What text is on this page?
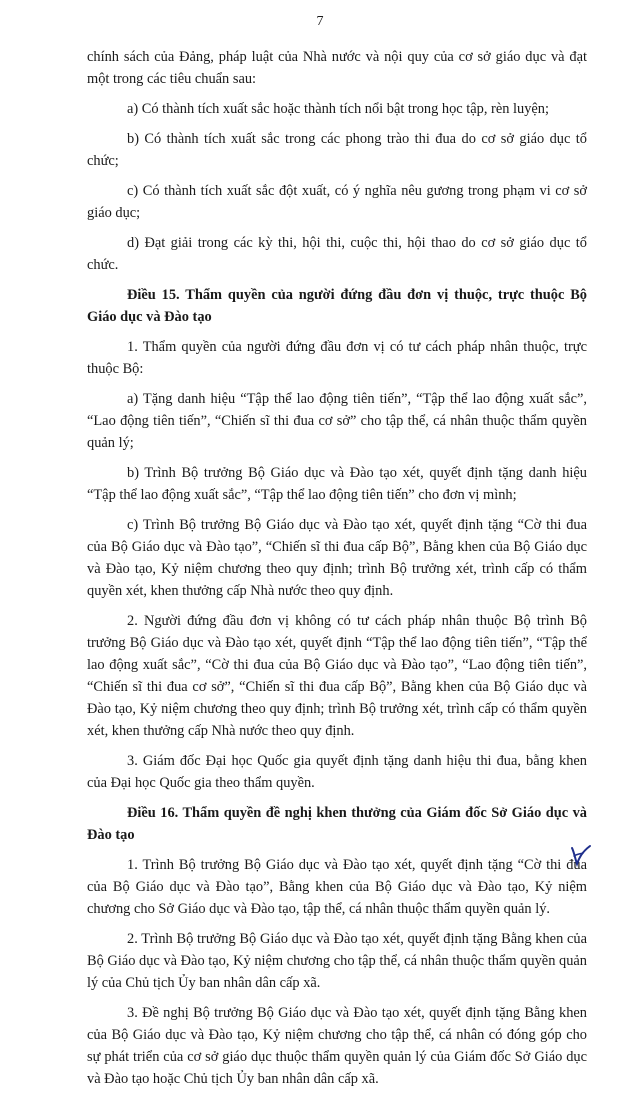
7

chính sách của Đảng, pháp luật của Nhà nước và nội quy của cơ sở giáo dục và đạt một trong các tiêu chuẩn sau:

a) Có thành tích xuất sắc hoặc thành tích nổi bật trong học tập, rèn luyện;

b) Có thành tích xuất sắc trong các phong trào thi đua do cơ sở giáo dục tổ chức;

c) Có thành tích xuất sắc đột xuất, có ý nghĩa nêu gương trong phạm vi cơ sở giáo dục;

d) Đạt giải trong các kỳ thi, hội thi, cuộc thi, hội thao do cơ sở giáo dục tổ chức.

Điều 15. Thẩm quyền của người đứng đầu đơn vị thuộc, trực thuộc Bộ Giáo dục và Đào tạo

1. Thẩm quyền của người đứng đầu đơn vị có tư cách pháp nhân thuộc, trực thuộc Bộ:

a) Tặng danh hiệu “Tập thể lao động tiên tiến”, “Tập thể lao động xuất sắc”, “Lao động tiên tiến”, “Chiến sĩ thi đua cơ sở” cho tập thể, cá nhân thuộc thẩm quyền quản lý;

b) Trình Bộ trưởng Bộ Giáo dục và Đào tạo xét, quyết định tặng danh hiệu “Tập thể lao động xuất sắc”, “Tập thể lao động tiên tiến” cho đơn vị mình;

c) Trình Bộ trưởng Bộ Giáo dục và Đào tạo xét, quyết định tặng “Cờ thi đua của Bộ Giáo dục và Đào tạo”, “Chiến sĩ thi đua cấp Bộ”, Bằng khen của Bộ Giáo dục và Đào tạo, Kỷ niệm chương theo quy định; trình Bộ trưởng xét, trình cấp có thẩm quyền xét, khen thưởng cấp Nhà nước theo quy định.

2. Người đứng đầu đơn vị không có tư cách pháp nhân thuộc Bộ trình Bộ trưởng Bộ Giáo dục và Đào tạo xét, quyết định “Tập thể lao động tiên tiến”, “Tập thể lao động xuất sắc”, “Cờ thi đua của Bộ Giáo dục và Đào tạo”, “Lao động tiên tiến”, “Chiến sĩ thi đua cơ sở”, “Chiến sĩ thi đua cấp Bộ”, Bằng khen của Bộ Giáo dục và Đào tạo, Kỷ niệm chương theo quy định; trình Bộ trưởng xét, trình cấp có thẩm quyền xét, khen thưởng cấp Nhà nước theo quy định.

3. Giám đốc Đại học Quốc gia quyết định tặng danh hiệu thi đua, bằng khen của Đại học Quốc gia theo thẩm quyền.

Điều 16. Thẩm quyền đề nghị khen thưởng của Giám đốc Sở Giáo dục và Đào tạo

1. Trình Bộ trưởng Bộ Giáo dục và Đào tạo xét, quyết định tặng “Cờ thi đua của Bộ Giáo dục và Đào tạo”, Bằng khen của Bộ Giáo dục và Đào tạo, Kỷ niệm chương cho Sở Giáo dục và Đào tạo, tập thể, cá nhân thuộc thẩm quyền quản lý.

2. Trình Bộ trưởng Bộ Giáo dục và Đào tạo xét, quyết định tặng Bằng khen của Bộ Giáo dục và Đào tạo, Kỷ niệm chương cho tập thể, cá nhân thuộc thẩm quyền quản lý của Chủ tịch Ủy ban nhân dân cấp xã.

3. Đề nghị Bộ trưởng Bộ Giáo dục và Đào tạo xét, quyết định tặng Bằng khen của Bộ Giáo dục và Đào tạo, Kỷ niệm chương cho tập thể, cá nhân có đóng góp cho sự phát triển của cơ sở giáo dục thuộc thẩm quyền quản lý của Giám đốc Sở Giáo dục và Đào tạo hoặc Chủ tịch Ủy ban nhân dân cấp xã.
